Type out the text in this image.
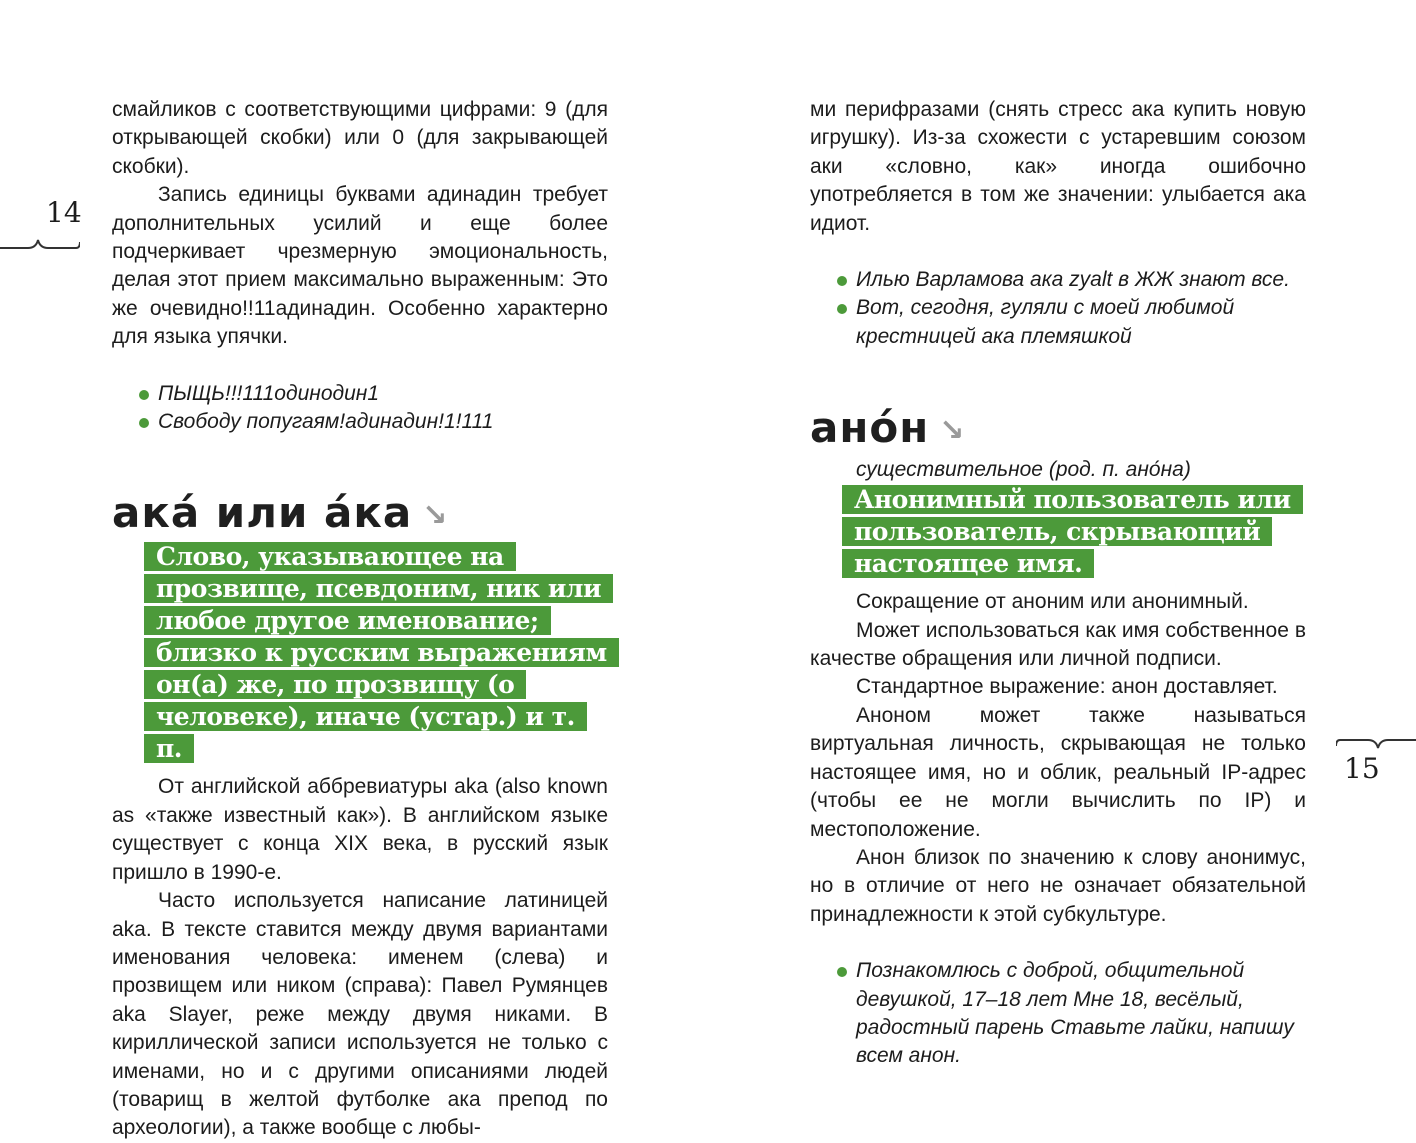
14
15

смайликов с соответствующими цифрами: 9 (для открывающей скобки) или 0 (для закрывающей скобки).

Запись единицы буквами адинадин требует дополнительных усилий и еще более подчеркивает чрезмерную эмоциональность, делая этот прием максимально выраженным: Это же очевидно!!11адинадин. Особенно характерно для языка упячки.

ПЫЩЬ!!!111одинодин1
Свободу попугаям!адинадин!1!111
ака́ или а́ка ↘
Слово, указывающее на прозвище, псевдоним, ник или любое другое именование; близко к русским выражениям он(а) же, по прозвищу (о человеке), иначе (устар.) и т. п.

От английской аббревиатуры aka (also known as «также известный как»). В английском языке существует с конца XIX века, в русский язык пришло в 1990-е.

Часто используется написание латиницей aka. В тексте ставится между двумя вариантами именования человека: именем (слева) и прозвищем или ником (справа): Павел Румянцев aka Slayer, реже между двумя никами. В кириллической записи используется не только с именами, но и с другими описаниями людей (товарищ в желтой футболке ака препод по археологии), а также вообще с любы-

ми перифразами (снять стресс ака купить новую игрушку). Из-за схожести с устаревшим союзом аки «словно, как» иногда ошибочно употребляется в том же значении: улыбается ака идиот.

Илью Варламова ака zyalt в ЖЖ знают все.
Вот, сегодня, гуляли с моей любимой крестницей ака племяшкой
ано́н ↘

существительное (род. п. ано́на)

Анонимный пользователь или пользователь, скрывающий настоящее имя.

Сокращение от аноним или анонимный.

Может использоваться как имя собственное в качестве обращения или личной подписи.

Стандартное выражение: анон доставляет.

Анонoм может также называться виртуальная личность, скрывающая не только настоящее имя, но и облик, реальный IP-адрес (чтобы ее не могли вычислить по IP) и местоположение.

Анон близок по значению к слову анонимус, но в отличие от него не означает обязательной принадлежности к этой субкультуре.

Познакомлюсь с доброй, общительной девушкой, 17–18 лет Мне 18, весёлый, радостный парень Ставьте лайки, напишу всем анон.
